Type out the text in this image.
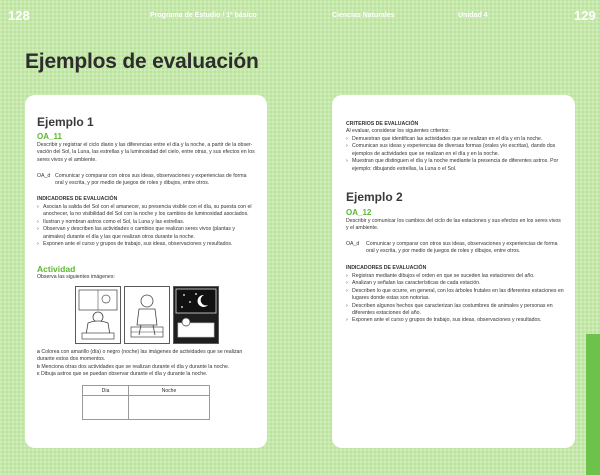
128	Programa de Estudio / 1º básico	Ciencias Naturales	Unidad 4	129
Ejemplos de evaluación
Ejemplo 1
OA_11
Describir y registrar el ciclo diario y las diferencias entre el día y la noche, a partir de la obser-vación del Sol, la Luna, las estrellas y la luminosidad del cielo, entre otras, y sus efectos en los seres vivos y el ambiente.
OA_d Comunicar y comparar con otros sus ideas, observaciones y experiencias de forma oral y escrita, y por medio de juegos de roles y dibujos, entre otros.
INDICADORES DE EVALUACIÓN
› Asocian la salida del Sol con el amanecer, su presencia visible con el día, su puesta con el anochecer, la no visibilidad del Sol con la noche y los cambios de luminosidad asociados.
› Ilustran y nombran astros como el Sol, la Luna y las estrellas.
› Observan y describen las actividades o cambios que realizan seres vivos (plantas y animales) durante el día y las que realizan otros durante la noche.
› Exponen ante el curso y grupos de trabajo, sus ideas, observaciones y resultados.
Actividad
Observa las siguientes imágenes:
› a Colorea con amarillo (día) o negro (noche) las imágenes de actividades que se realizan durante estos dos momentos.
› b Menciona otras dos actividades que se realizan durante el día y durante la noche.
› c Dibuja astros que se puedan observar durante el día y durante la noche.
Día	Noche

CRITERIOS DE EVALUACIÓN
Al evaluar, considerar los siguientes criterios:
› Demuestran que identifican las actividades que se realizan en el día y en la noche.
› Comunican sus ideas y experiencias de diversas formas (orales y/o escritas), dando dos ejemplos de actividades que se realizan en el día y en la noche.
› Muestran que distinguen el día y la noche mediante la presencia de diferentes astros. Por ejemplo: dibujando estrellas, la Luna o el Sol.
Ejemplo 2
OA_12
Describir y comunicar los cambios del ciclo de las estaciones y sus efectos en los seres vivos y el ambiente.
OA_d Comunicar y comparar con otros sus ideas, observaciones y experiencias de forma oral y escrita, y por medio de juegos de roles y dibujos, entre otros.
INDICADORES DE EVALUACIÓN
› Registran mediante dibujos el orden en que se suceden las estaciones del año.
› Analizan y señalan las características de cada estación.
› Describen lo que ocurre, en general, con los árboles frutales en las diferentes estaciones en lugares donde estas son notorias.
› Describen algunos hechos que caracterizan las costumbres de animales y personas en diferentes estaciones del año.
› Exponen ante el curso y grupos de trabajo, sus ideas, observaciones y resultados.
